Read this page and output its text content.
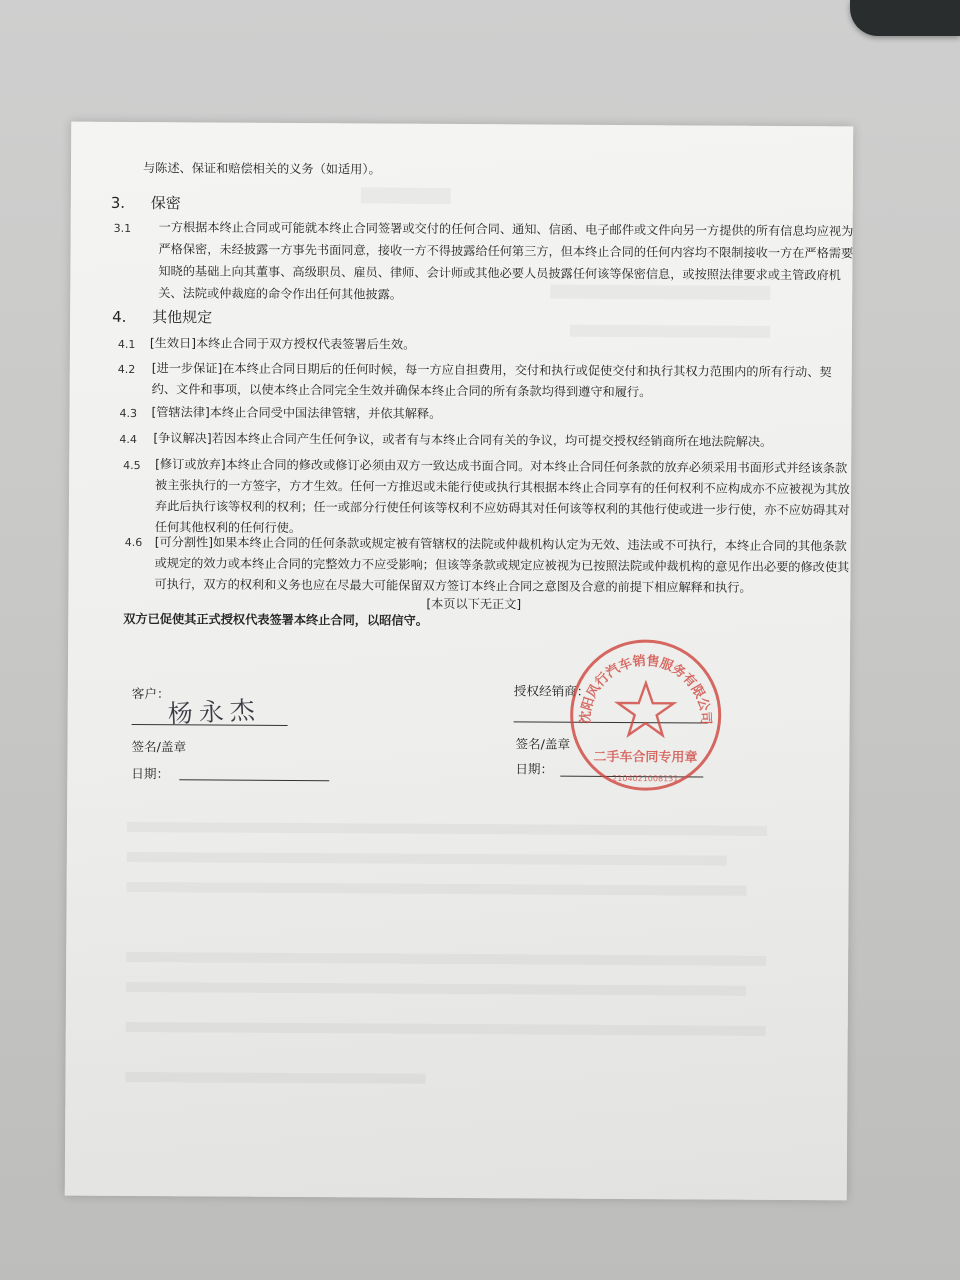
与陈述、保证和赔偿相关的义务（如适用）。
3. 保密
3.1 一方根据本终止合同或可能就本终止合同签署或交付的任何合同、通知、信函、电子邮件或文件向另一方提供的所有信息均应视为
严格保密，未经披露一方事先书面同意，接收一方不得披露给任何第三方，但本终止合同的任何内容均不限制接收一方在严格需要
知晓的基础上向其董事、高级职员、雇员、律师、会计师或其他必要人员披露任何该等保密信息，或按照法律要求或主管政府机
关、法院或仲裁庭的命令作出任何其他披露。
4. 其他规定
4.1 [生效日]本终止合同于双方授权代表签署后生效。
4.2 [进一步保证]在本终止合同日期后的任何时候，每一方应自担费用，交付和执行或促使交付和执行其权力范围内的所有行动、契
约、文件和事项，以使本终止合同完全生效并确保本终止合同的所有条款均得到遵守和履行。
4.3 [管辖法律]本终止合同受中国法律管辖，并依其解释。
4.4 [争议解决]若因本终止合同产生任何争议，或者有与本终止合同有关的争议，均可提交授权经销商所在地法院解决。
4.5 [修订或放弃]本终止合同的修改或修订必须由双方一致达成书面合同。对本终止合同任何条款的放弃必须采用书面形式并经该条款
被主张执行的一方签字，方才生效。任何一方推迟或未能行使或执行其根据本终止合同享有的任何权利不应构成亦不应被视为其放
弃此后执行该等权利的权利；任一或部分行使任何该等权利不应妨碍其对任何该等权利的其他行使或进一步行使，亦不应妨碍其对
任何其他权利的任何行使。
4.6 [可分割性]如果本终止合同的任何条款或规定被有管辖权的法院或仲裁机构认定为无效、违法或不可执行，本终止合同的其他条款
或规定的效力或本终止合同的完整效力不应受影响；但该等条款或规定应被视为已按照法院或仲裁机构的意见作出必要的修改使其
可执行，双方的权利和义务也应在尽最大可能保留双方签订本终止合同之意图及合意的前提下相应解释和执行。
[本页以下无正文]
双方已促使其正式授权代表签署本终止合同，以昭信守。
客户：
杨永杰
签名/盖章
日期：
授权经销商：
签名/盖章
日期：
沈阳风行汽车销售服务有限公司
二手车合同专用章
2104021008131
